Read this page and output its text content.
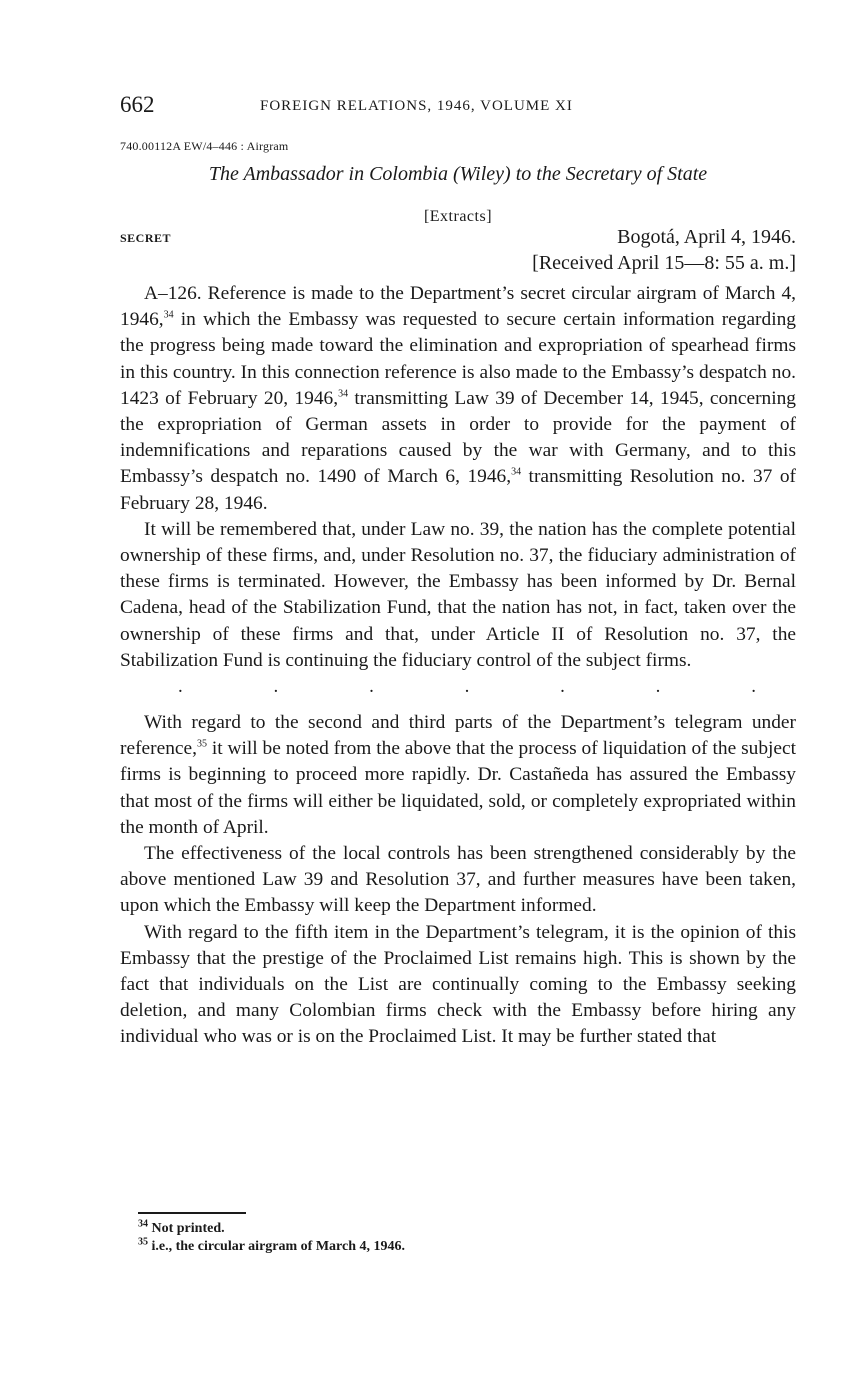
662	FOREIGN RELATIONS, 1946, VOLUME XI
740.00112A EW/4–446 : Airgram
The Ambassador in Colombia (Wiley) to the Secretary of State
[Extracts]
SECRET	Bogotá, April 4, 1946.
[Received April 15—8: 55 a. m.]

A–126. Reference is made to the Department’s secret circular airgram of March 4, 1946,34 in which the Embassy was requested to secure certain information regarding the progress being made toward the elimination and expropriation of spearhead firms in this country. In this connection reference is also made to the Embassy’s despatch no. 1423 of February 20, 1946,34 transmitting Law 39 of December 14, 1945, concerning the expropriation of German assets in order to provide for the payment of indemnifications and reparations caused by the war with Germany, and to this Embassy’s despatch no. 1490 of March 6, 1946,34 transmitting Resolution no. 37 of February 28, 1946.

It will be remembered that, under Law no. 39, the nation has the complete potential ownership of these firms, and, under Resolution no. 37, the fiduciary administration of these firms is terminated. However, the Embassy has been informed by Dr. Bernal Cadena, head of the Stabilization Fund, that the nation has not, in fact, taken over the ownership of these firms and that, under Article II of Resolution no. 37, the Stabilization Fund is continuing the fiduciary control of the subject firms.

.	.	.	.	.	.	.

With regard to the second and third parts of the Department’s telegram under reference,$^{35}$ it will be noted from the above that the process of liquidation of the subject firms is beginning to proceed more rapidly. Dr. Castañeda has assured the Embassy that most of the firms will either be liquidated, sold, or completely expropriated within the month of April.

The effectiveness of the local controls has been strengthened considerably by the above mentioned Law 39 and Resolution 37, and further measures have been taken, upon which the Embassy will keep the Department informed.

With regard to the fifth item in the Department’s telegram, it is the opinion of this Embassy that the prestige of the Proclaimed List remains high. This is shown by the fact that individuals on the List are continually coming to the Embassy seeking deletion, and many Colombian firms check with the Embassy before hiring any individual who was or is on the Proclaimed List. It may be further stated that

$^{34}$ Not printed.
$^{35}$ i.e., the circular airgram of March 4, 1946.
